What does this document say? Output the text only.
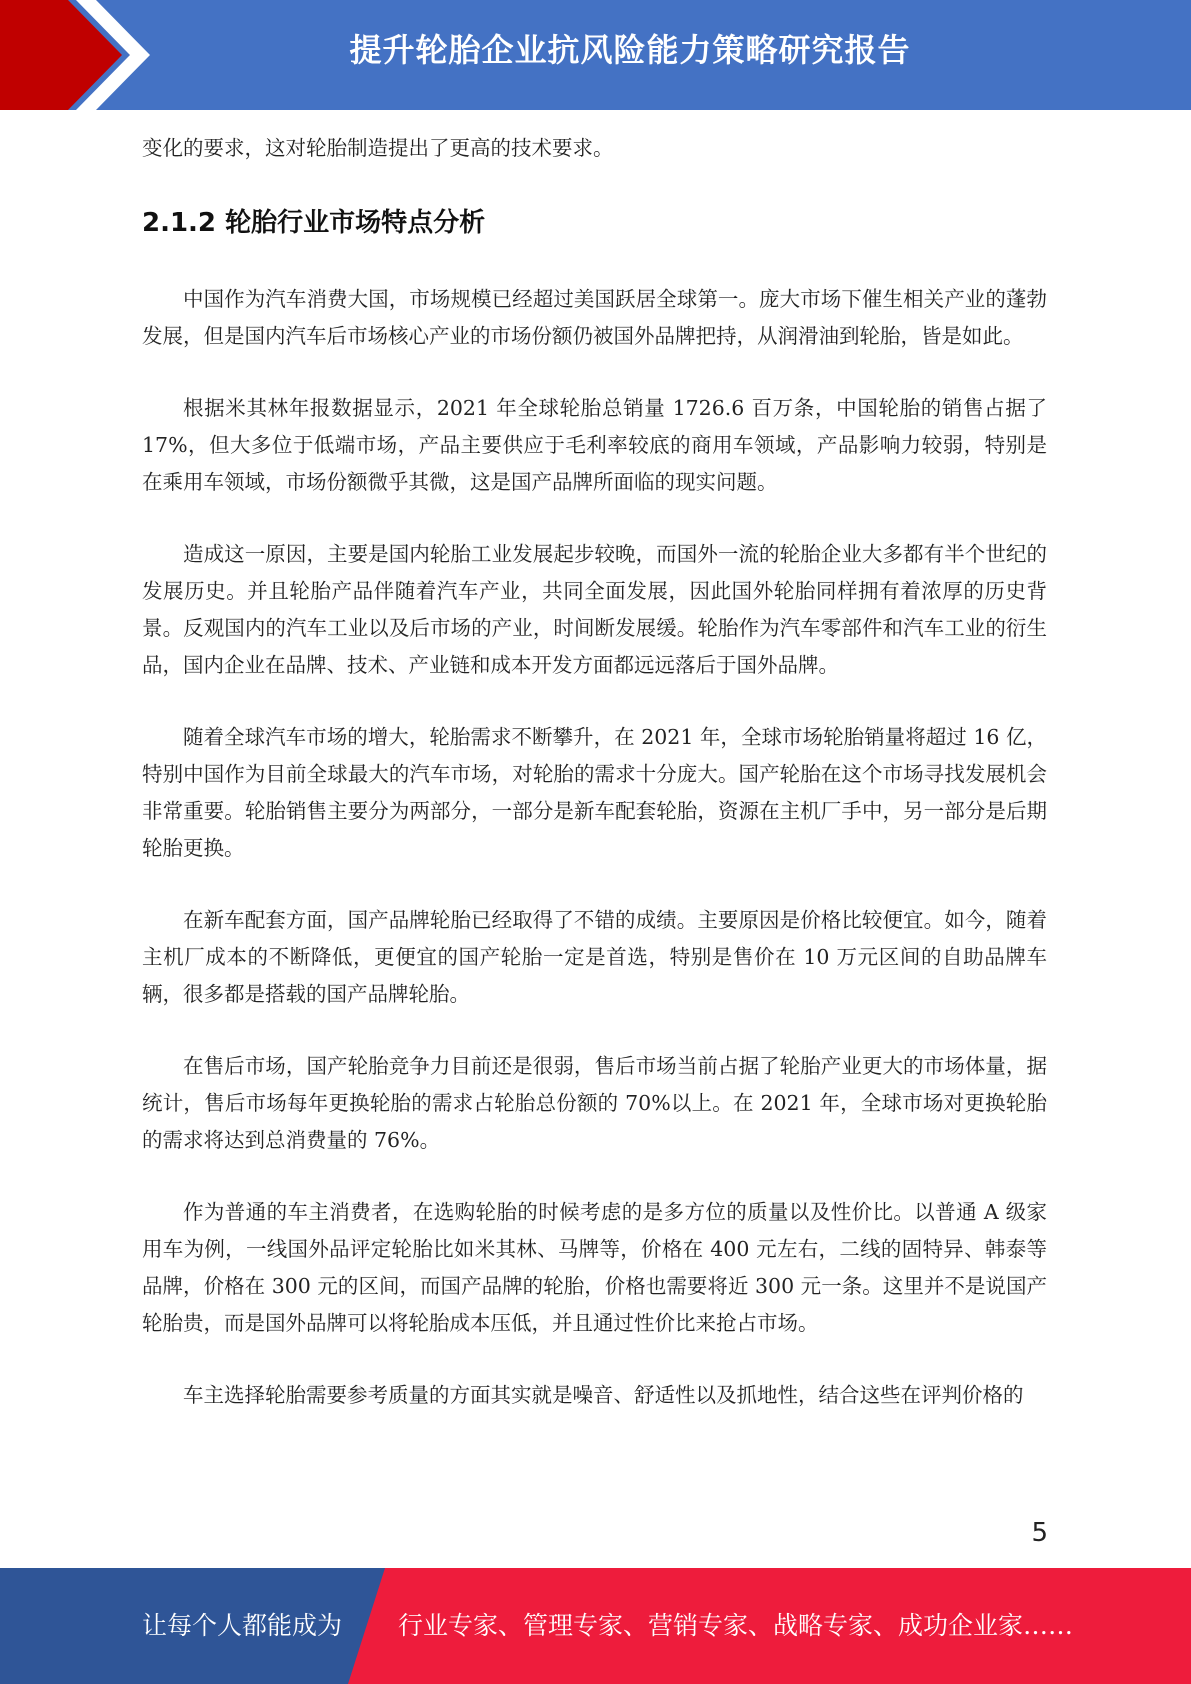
提升轮胎企业抗风险能力策略研究报告

变化的要求，这对轮胎制造提出了更高的技术要求。

2.1.2 轮胎行业市场特点分析

中国作为汽车消费大国，市场规模已经超过美国跃居全球第一。庞大市场下催生相关产业的蓬勃发展，但是国内汽车后市场核心产业的市场份额仍被国外品牌把持，从润滑油到轮胎，皆是如此。

根据米其林年报数据显示，2021 年全球轮胎总销量 1726.6 百万条，中国轮胎的销售占据了 17%，但大多位于低端市场，产品主要供应于毛利率较底的商用车领域，产品影响力较弱，特别是在乘用车领域，市场份额微乎其微，这是国产品牌所面临的现实问题。

造成这一原因，主要是国内轮胎工业发展起步较晚，而国外一流的轮胎企业大多都有半个世纪的发展历史。并且轮胎产品伴随着汽车产业，共同全面发展，因此国外轮胎同样拥有着浓厚的历史背景。反观国内的汽车工业以及后市场的产业，时间断发展缓。轮胎作为汽车零部件和汽车工业的衍生品，国内企业在品牌、技术、产业链和成本开发方面都远远落后于国外品牌。

随着全球汽车市场的增大，轮胎需求不断攀升，在 2021 年，全球市场轮胎销量将超过 16 亿，特别中国作为目前全球最大的汽车市场，对轮胎的需求十分庞大。国产轮胎在这个市场寻找发展机会非常重要。轮胎销售主要分为两部分，一部分是新车配套轮胎，资源在主机厂手中，另一部分是后期轮胎更换。

在新车配套方面，国产品牌轮胎已经取得了不错的成绩。主要原因是价格比较便宜。如今，随着主机厂成本的不断降低，更便宜的国产轮胎一定是首选，特别是售价在 10 万元区间的自助品牌车辆，很多都是搭载的国产品牌轮胎。

在售后市场，国产轮胎竞争力目前还是很弱，售后市场当前占据了轮胎产业更大的市场体量，据统计，售后市场每年更换轮胎的需求占轮胎总份额的 70%以上。在 2021 年，全球市场对更换轮胎的需求将达到总消费量的 76%。

作为普通的车主消费者，在选购轮胎的时候考虑的是多方位的质量以及性价比。以普通 A 级家用车为例，一线国外品评定轮胎比如米其林、马牌等，价格在 400 元左右，二线的固特异、韩泰等品牌，价格在 300 元的区间，而国产品牌的轮胎，价格也需要将近 300 元一条。这里并不是说国产轮胎贵，而是国外品牌可以将轮胎成本压低，并且通过性价比来抢占市场。

车主选择轮胎需要参考质量的方面其实就是噪音、舒适性以及抓地性，结合这些在评判价格的

5
让每个人都能成为 行业专家、管理专家、营销专家、战略专家、成功企业家……
